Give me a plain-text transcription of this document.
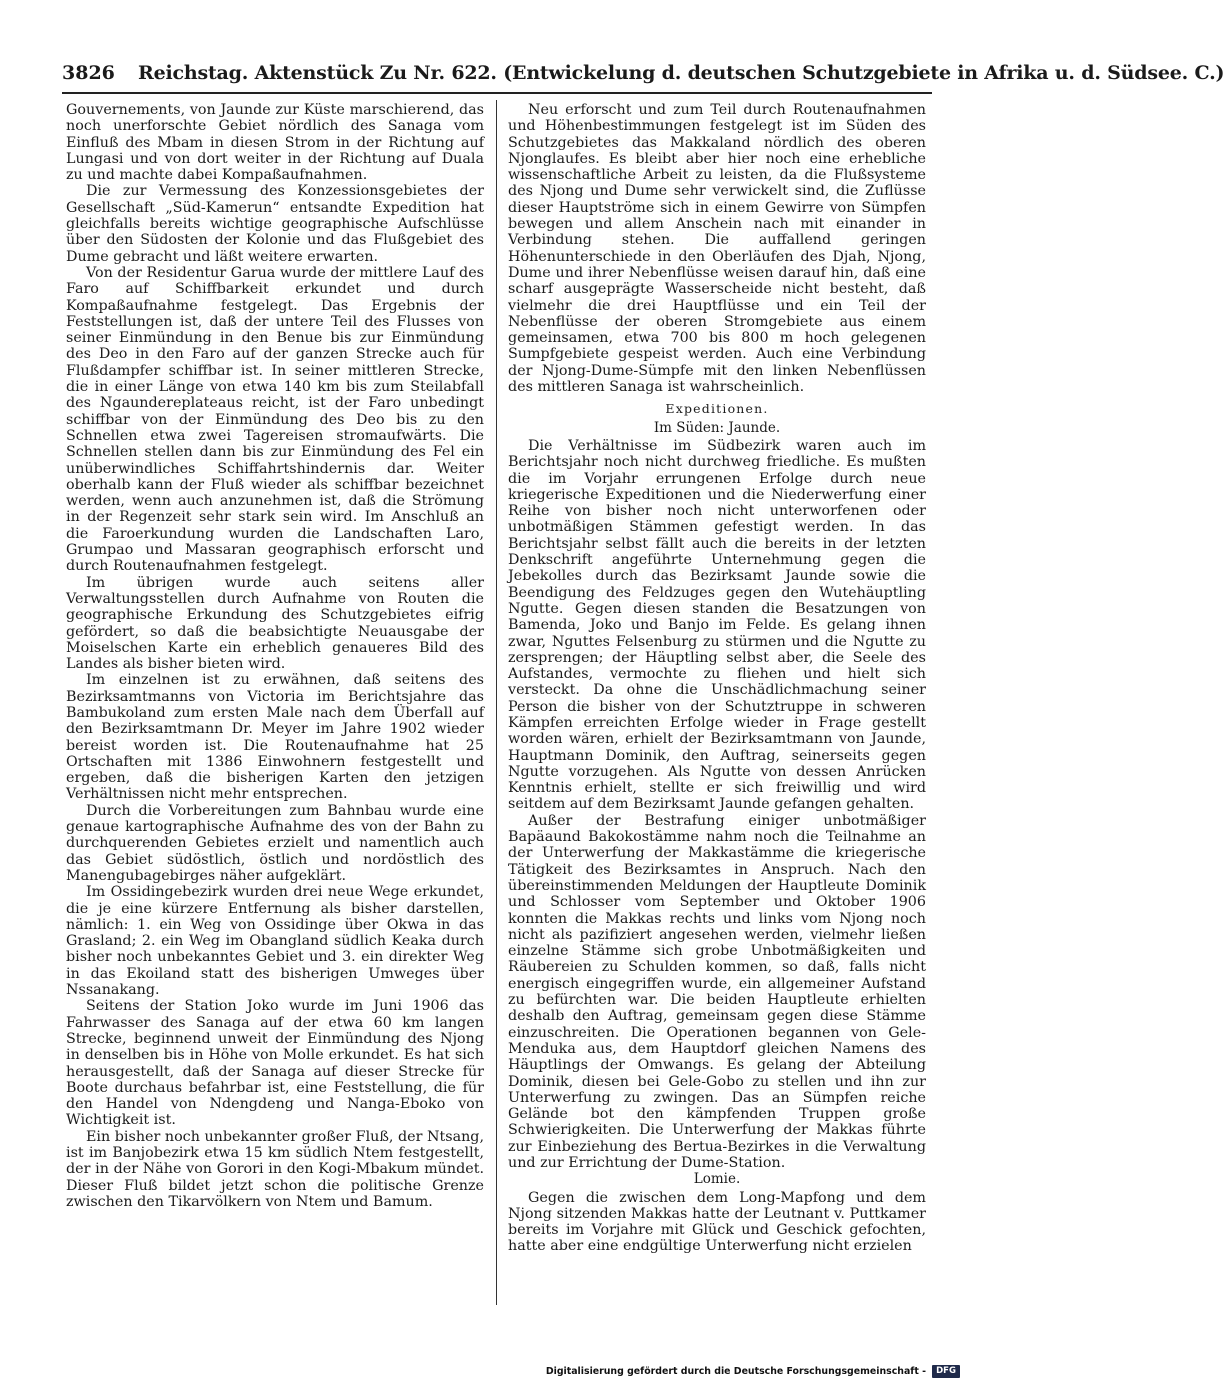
3826 Reichstag. Aktenstück Zu Nr. 622. (Entwickelung d. deutschen Schutzgebiete in Afrika u. d. Südsee. C.)

Gouvernements, von Jaunde zur Küste marschierend, das noch unerforschte Gebiet nördlich des Sanaga vom Einfluß des Mbam in diesen Strom in der Richtung auf Lungasi und von dort weiter in der Richtung auf Duala zu und machte dabei Kompaßaufnahmen.

Die zur Vermessung des Konzessionsgebietes der Gesellschaft „Süd-Kamerun“ entsandte Expedition hat gleichfalls bereits wichtige geographische Aufschlüsse über den Südosten der Kolonie und das Flußgebiet des Dume gebracht und läßt weitere erwarten.

Von der Residentur Garua wurde der mittlere Lauf des Faro auf Schiffbarkeit erkundet und durch Kompaßaufnahme festgelegt. Das Ergebnis der Feststellungen ist, daß der untere Teil des Flusses von seiner Einmündung in den Benue bis zur Einmündung des Deo in den Faro auf der ganzen Strecke auch für Flußdampfer schiffbar ist. In seiner mittleren Strecke, die in einer Länge von etwa 140 km bis zum Steilabfall des Ngaundereplateaus reicht, ist der Faro unbedingt schiffbar von der Einmündung des Deo bis zu den Schnellen etwa zwei Tagereisen stromaufwärts. Die Schnellen stellen dann bis zur Einmündung des Fel ein unüberwindliches Schiffahrtshindernis dar. Weiter oberhalb kann der Fluß wieder als schiffbar bezeichnet werden, wenn auch anzunehmen ist, daß die Strömung in der Regenzeit sehr stark sein wird. Im Anschluß an die Faroerkundung wurden die Landschaften Laro, Grumpao und Massaran geographisch erforscht und durch Routenaufnahmen festgelegt.

Im übrigen wurde auch seitens aller Verwaltungsstellen durch Aufnahme von Routen die geographische Erkundung des Schutzgebietes eifrig gefördert, so daß die beabsichtigte Neuausgabe der Moiselschen Karte ein erheblich genaueres Bild des Landes als bisher bieten wird.

Im einzelnen ist zu erwähnen, daß seitens des Bezirksamtmanns von Victoria im Berichtsjahre das Bambukoland zum ersten Male nach dem Überfall auf den Bezirksamtmann Dr. Meyer im Jahre 1902 wieder bereist worden ist. Die Routenaufnahme hat 25 Ortschaften mit 1386 Einwohnern festgestellt und ergeben, daß die bisherigen Karten den jetzigen Verhältnissen nicht mehr entsprechen.

Durch die Vorbereitungen zum Bahnbau wurde eine genaue kartographische Aufnahme des von der Bahn zu durchquerenden Gebietes erzielt und namentlich auch das Gebiet südöstlich, östlich und nordöstlich des Manengubagebirges näher aufgeklärt.

Im Ossidingebezirk wurden drei neue Wege erkundet, die je eine kürzere Entfernung als bisher darstellen, nämlich: 1. ein Weg von Ossidinge über Okwa in das Grasland; 2. ein Weg im Obangland südlich Keaka durch bisher noch unbekanntes Gebiet und 3. ein direkter Weg in das Ekoiland statt des bisherigen Umweges über Nssanakang.

Seitens der Station Joko wurde im Juni 1906 das Fahrwasser des Sanaga auf der etwa 60 km langen Strecke, beginnend unweit der Einmündung des Njong in denselben bis in Höhe von Molle erkundet. Es hat sich herausgestellt, daß der Sanaga auf dieser Strecke für Boote durchaus befahrbar ist, eine Feststellung, die für den Handel von Ndengdeng und Nanga-Eboko von Wichtigkeit ist.

Ein bisher noch unbekannter großer Fluß, der Ntsang, ist im Banjobezirk etwa 15 km südlich Ntem festgestellt, der in der Nähe von Gorori in den Kogi-Mbakum mündet. Dieser Fluß bildet jetzt schon die politische Grenze zwischen den Tikarvölkern von Ntem und Bamum.

Neu erforscht und zum Teil durch Routenaufnahmen und Höhenbestimmungen festgelegt ist im Süden des Schutzgebietes das Makkaland nördlich des oberen Njonglaufes. Es bleibt aber hier noch eine erhebliche wissenschaftliche Arbeit zu leisten, da die Flußsysteme des Njong und Dume sehr verwickelt sind, die Zuflüsse dieser Hauptströme sich in einem Gewirre von Sümpfen bewegen und allem Anschein nach mit einander in Verbindung stehen. Die auffallend geringen Höhenunterschiede in den Oberläufen des Djah, Njong, Dume und ihrer Nebenflüsse weisen darauf hin, daß eine scharf ausgeprägte Wasserscheide nicht besteht, daß vielmehr die drei Hauptflüsse und ein Teil der Nebenflüsse der oberen Stromgebiete aus einem gemeinsamen, etwa 700 bis 800 m hoch gelegenen Sumpfgebiete gespeist werden. Auch eine Verbindung der Njong-Dume-Sümpfe mit den linken Nebenflüssen des mittleren Sanaga ist wahrscheinlich.

Expeditionen.
Im Süden: Jaunde.

Die Verhältnisse im Südbezirk waren auch im Berichtsjahr noch nicht durchweg friedliche. Es mußten die im Vorjahr errungenen Erfolge durch neue kriegerische Expeditionen und die Niederwerfung einer Reihe von bisher noch nicht unterworfenen oder unbotmäßigen Stämmen gefestigt werden. In das Berichtsjahr selbst fällt auch die bereits in der letzten Denkschrift angeführte Unternehmung gegen die Jebekolles durch das Bezirksamt Jaunde sowie die Beendigung des Feldzuges gegen den Wutehäuptling Ngutte. Gegen diesen standen die Besatzungen von Bamenda, Joko und Banjo im Felde. Es gelang ihnen zwar, Nguttes Felsenburg zu stürmen und die Ngutte zu zersprengen; der Häuptling selbst aber, die Seele des Aufstandes, vermochte zu fliehen und hielt sich versteckt. Da ohne die Unschädlichmachung seiner Person die bisher von der Schutztruppe in schweren Kämpfen erreichten Erfolge wieder in Frage gestellt worden wären, erhielt der Bezirksamtmann von Jaunde, Hauptmann Dominik, den Auftrag, seinerseits gegen Ngutte vorzugehen. Als Ngutte von dessen Anrücken Kenntnis erhielt, stellte er sich freiwillig und wird seitdem auf dem Bezirksamt Jaunde gefangen gehalten.

Außer der Bestrafung einiger unbotmäßiger Bapäaund Bakokostämme nahm noch die Teilnahme an der Unterwerfung der Makkastämme die kriegerische Tätigkeit des Bezirksamtes in Anspruch. Nach den übereinstimmenden Meldungen der Hauptleute Dominik und Schlosser vom September und Oktober 1906 konnten die Makkas rechts und links vom Njong noch nicht als pazifiziert angesehen werden, vielmehr ließen einzelne Stämme sich grobe Unbotmäßigkeiten und Räubereien zu Schulden kommen, so daß, falls nicht energisch eingegriffen wurde, ein allgemeiner Aufstand zu befürchten war. Die beiden Hauptleute erhielten deshalb den Auftrag, gemeinsam gegen diese Stämme einzuschreiten. Die Operationen begannen von Gele-Menduka aus, dem Hauptdorf gleichen Namens des Häuptlings der Omwangs. Es gelang der Abteilung Dominik, diesen bei Gele-Gobo zu stellen und ihn zur Unterwerfung zu zwingen. Das an Sümpfen reiche Gelände bot den kämpfenden Truppen große Schwierigkeiten. Die Unterwerfung der Makkas führte zur Einbeziehung des Bertua-Bezirkes in die Verwaltung und zur Errichtung der Dume-Station.

Lomie.

Gegen die zwischen dem Long-Mapfong und dem Njong sitzenden Makkas hatte der Leutnant v. Puttkamer bereits im Vorjahre mit Glück und Geschick gefochten, hatte aber eine endgültige Unterwerfung nicht erzielen

Digitalisierung gefördert durch die Deutsche Forschungsgemeinschaft -	DFG
